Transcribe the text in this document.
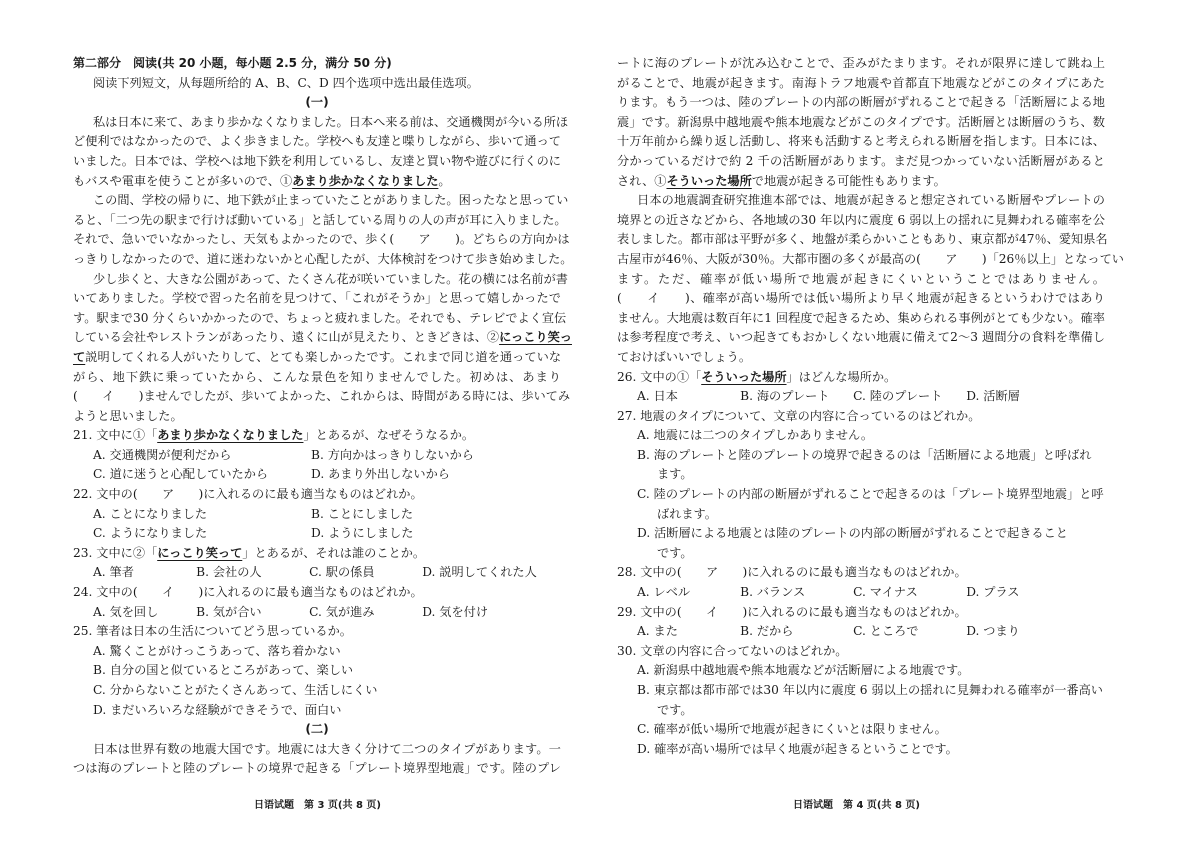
第二部分　阅读(共 20 小题，每小题 2.5 分，满分 50 分)
阅读下列短文，从每题所给的 A、B、C、D 四个选项中选出最佳选项。
(一)
私は日本に来て、あまり歩かなくなりました。日本へ来る前は、交通機関が今いる所ほ
ど便利ではなかったので、よく歩きました。学校へも友達と喋りしながら、歩いて通って
いました。日本では、学校へは地下鉄を利用しているし、友達と買い物や遊びに行くのに
もバスや電車を使うことが多いので、①あまり歩かなくなりました。
この間、学校の帰りに、地下鉄が止まっていたことがありました。困ったなと思ってい
ると、「二つ先の駅まで行けば動いている」と話している周りの人の声が耳に入りました。
それで、急いでいなかったし、天気もよかったので、歩く(　　ア　　)。どちらの方向かは
っきりしなかったので、道に迷わないかと心配したが、大体検討をつけて歩き始めました。
少し歩くと、大きな公園があって、たくさん花が咲いていました。花の横には名前が書
いてありました。学校で習った名前を見つけて、「これがそうか」と思って嬉しかったで
す。駅まで30 分くらいかかったので、ちょっと疲れました。それでも、テレビでよく宣伝
している会社やレストランがあったり、遠くに山が見えたり、ときどきは、②にっこり笑っ
て説明してくれる人がいたりして、とても楽しかったです。これまで同じ道を通っていな
がら、地下鉄に乗っていたから、こんな景色を知りませんでした。初めは、あまり
(　　イ　　)ませんでしたが、歩いてよかった、これからは、時間がある時には、歩いてみ
ようと思いました。
21. 文中に①「あまり歩かなくなりました」とあるが、なぜそうなるか。
A. 交通機関が便利だから	B. 方向かはっきりしないから
C. 道に迷うと心配していたから	D. あまり外出しないから
22. 文中の(　　ア　　)に入れるのに最も適当なものはどれか。
A. ことになりました	B. ことにしました
C. ようになりました	D. ようにしました
23. 文中に②「にっこり笑って」とあるが、それは誰のことか。
A. 筆者	B. 会社の人	C. 駅の係員	D. 説明してくれた人
24. 文中の(　　イ　　)に入れるのに最も適当なものはどれか。
A. 気を回し	B. 気が合い	C. 気が進み	D. 気を付け
25. 筆者は日本の生活についてどう思っているか。
A. 驚くことがけっこうあって、落ち着かない
B. 自分の国と似ているところがあって、楽しい
C. 分からないことがたくさんあって、生活しにくい
D. まだいろいろな経験ができそうで、面白い
(二)
日本は世界有数の地震大国です。地震には大きく分けて二つのタイプがあります。一
つは海のプレートと陸のプレートの境界で起きる「プレート境界型地震」です。陸のプレ
ートに海のプレートが沈み込むことで、歪みがたまります。それが限界に達して跳ね上
がることで、地震が起きます。南海トラフ地震や首都直下地震などがこのタイプにあた
ります。もう一つは、陸のプレートの内部の断層がずれることで起きる「活断層による地
震」です。新潟県中越地震や熊本地震などがこのタイプです。活断層とは断層のうち、数
十万年前から繰り返し活動し、将来も活動すると考えられる断層を指します。日本には、
分かっているだけで約 2 千の活断層があります。まだ見つかっていない活断層があると
され、①そういった場所で地震が起きる可能性もあります。
日本の地震調査研究推進本部では、地震が起きると想定されている断層やプレートの
境界との近さなどから、各地域の30 年以内に震度 6 弱以上の揺れに見舞われる確率を公
表しました。都市部は平野が多く、地盤が柔らかいこともあり、東京都が47％、愛知県名
古屋市が46％、大阪が30％。大都市圏の多くが最高の(　　ア　　)「26％以上」となってい
ます。ただ、確率が低い場所で地震が起きにくいということではありません。
(　　イ　　)、確率が高い場所では低い場所より早く地震が起きるというわけではあり
ません。大地震は数百年に1 回程度で起きるため、集められる事例がとても少ない。確率
は参考程度で考え、いつ起きてもおかしくない地震に備えて2〜3 週間分の食料を準備し
ておけばいいでしょう。
26. 文中の①「そういった場所」はどんな場所か。
A. 日本	B. 海のプレート	C. 陸のプレート	D. 活断層
27. 地震のタイプについて、文章の内容に合っているのはどれか。
A. 地震には二つのタイプしかありません。
B. 海のプレートと陸のプレートの境界で起きるのは「活断層による地震」と呼ばれ
ます。
C. 陸のプレートの内部の断層がずれることで起きるのは「プレート境界型地震」と呼
ばれます。
D. 活断層による地震とは陸のプレートの内部の断層がずれることで起きること
です。
28. 文中の(　　ア　　)に入れるのに最も適当なものはどれか。
A. レベル	B. バランス	C. マイナス	D. プラス
29. 文中の(　　イ　　)に入れるのに最も適当なものはどれか。
A. また	B. だから	C. ところで	D. つまり
30. 文章の内容に合ってないのはどれか。
A. 新潟県中越地震や熊本地震などが活断層による地震です。
B. 東京都は都市部では30 年以内に震度 6 弱以上の揺れに見舞われる確率が一番高い
です。
C. 確率が低い場所で地震が起きにくいとは限りません。
D. 確率が高い場所では早く地震が起きるということです。
日语试题　第 3 页(共 8 页)	日语试题　第 4 页(共 8 页)
